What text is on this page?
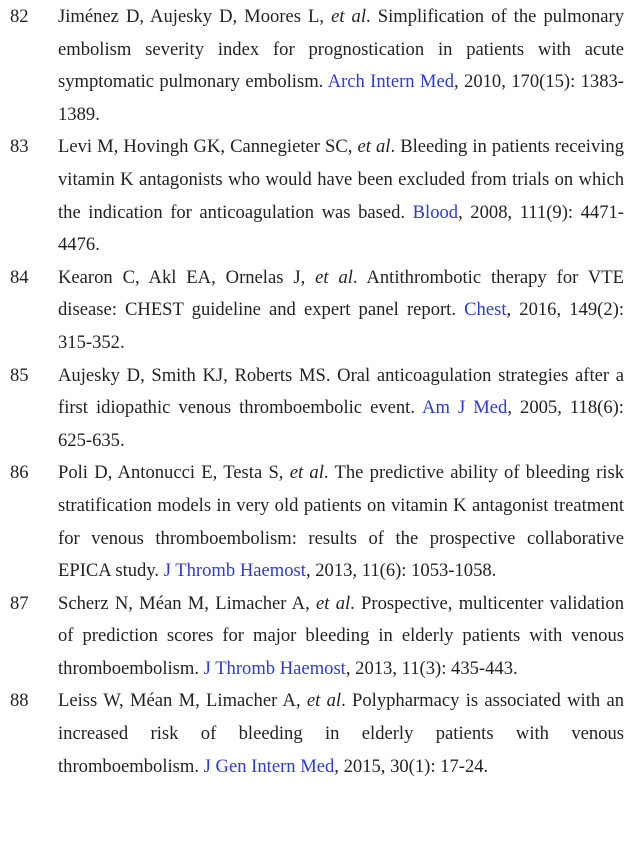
82	Jiménez D, Aujesky D, Moores L, et al. Simplification of the pulmonary embolism severity index for prognostication in patients with acute symptomatic pulmonary embolism. Arch Intern Med, 2010, 170(15): 1383-1389.
83	Levi M, Hovingh GK, Cannegieter SC, et al. Bleeding in patients receiving vitamin K antagonists who would have been excluded from trials on which the indication for anticoagulation was based. Blood, 2008, 111(9): 4471-4476.
84	Kearon C, Akl EA, Ornelas J, et al. Antithrombotic therapy for VTE disease: CHEST guideline and expert panel report. Chest, 2016, 149(2): 315-352.
85	Aujesky D, Smith KJ, Roberts MS. Oral anticoagulation strategies after a first idiopathic venous thromboembolic event. Am J Med, 2005, 118(6): 625-635.
86	Poli D, Antonucci E, Testa S, et al. The predictive ability of bleeding risk stratification models in very old patients on vitamin K antagonist treatment for venous thromboembolism: results of the prospective collaborative EPICA study. J Thromb Haemost, 2013, 11(6): 1053-1058.
87	Scherz N, Méan M, Limacher A, et al. Prospective, multicenter validation of prediction scores for major bleeding in elderly patients with venous thromboembolism. J Thromb Haemost, 2013, 11(3): 435-443.
88	Leiss W, Méan M, Limacher A, et al. Polypharmacy is associated with an increased risk of bleeding in elderly patients with venous thromboembolism. J Gen Intern Med, 2015, 30(1): 17-24.
